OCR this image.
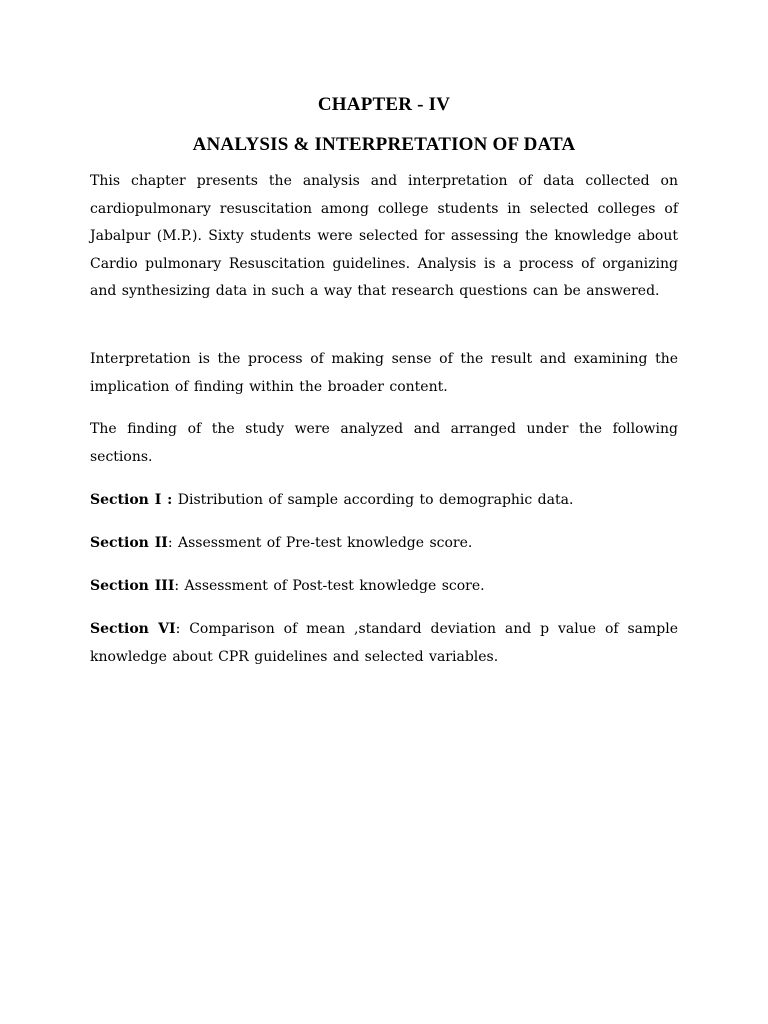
CHAPTER - IV
ANALYSIS & INTERPRETATION OF DATA

This chapter presents the analysis and interpretation of data collected on cardiopulmonary resuscitation among college students in selected colleges of Jabalpur (M.P.). Sixty students were selected for assessing the knowledge about Cardio pulmonary Resuscitation guidelines. Analysis is a process of organizing and synthesizing data in such a way that research questions can be answered.

Interpretation is the process of making sense of the result and examining the implication of finding within the broader content.

The finding of the study were analyzed and arranged under the following sections.

Section I : Distribution of sample according to demographic data.

Section II: Assessment of Pre-test knowledge score.

Section III: Assessment of Post-test knowledge score.

Section VI: Comparison of mean ,standard deviation and p value of sample knowledge about CPR guidelines and selected variables.
